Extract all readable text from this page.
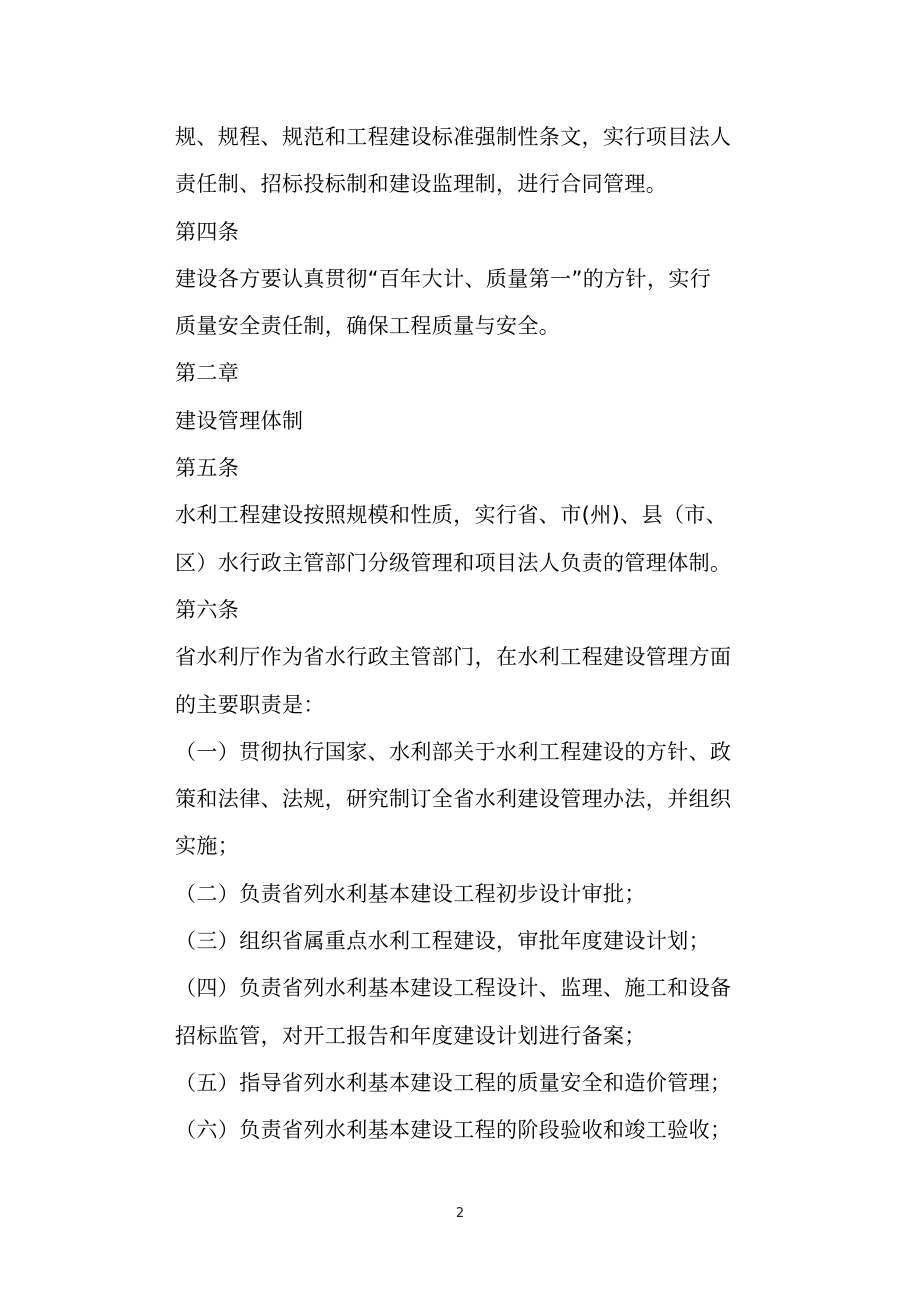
规、规程、规范和工程建设标准强制性条文，实行项目法人
责任制、招标投标制和建设监理制，进行合同管理。
第四条
建设各方要认真贯彻“百年大计、质量第一”的方针，实行
质量安全责任制，确保工程质量与安全。
第二章
建设管理体制
第五条
水利工程建设按照规模和性质，实行省、市(州)、县（市、
区）水行政主管部门分级管理和项目法人负责的管理体制。
第六条
省水利厅作为省水行政主管部门，在水利工程建设管理方面
的主要职责是：
（一）贯彻执行国家、水利部关于水利工程建设的方针、政
策和法律、法规，研究制订全省水利建设管理办法，并组织
实施；
（二）负责省列水利基本建设工程初步设计审批；
（三）组织省属重点水利工程建设，审批年度建设计划；
（四）负责省列水利基本建设工程设计、监理、施工和设备
招标监管，对开工报告和年度建设计划进行备案；
（五）指导省列水利基本建设工程的质量安全和造价管理；
（六）负责省列水利基本建设工程的阶段验收和竣工验收；
2
